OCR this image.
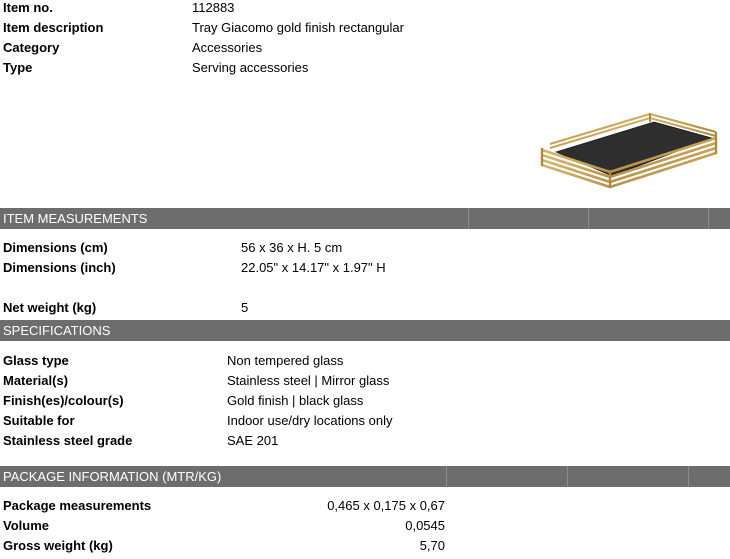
Item no.	112883
Item description	Tray Giacomo gold finish rectangular
Category	Accessories
Type	Serving accessories
ITEM MEASUREMENTS
Dimensions (cm)	56 x 36 x H. 5 cm
Dimensions (inch)	22.05" x 14.17" x 1.97" H
Net weight (kg)	5
SPECIFICATIONS
Glass type	Non tempered glass
Material(s)	Stainless steel | Mirror glass
Finish(es)/colour(s)	Gold finish | black glass
Suitable for	Indoor use/dry locations only
Stainless steel grade	SAE 201
PACKAGE INFORMATION (MTR/KG)
Package measurements	0,465 x 0,175 x 0,67
Volume	0,0545
Gross weight (kg)	5,70
